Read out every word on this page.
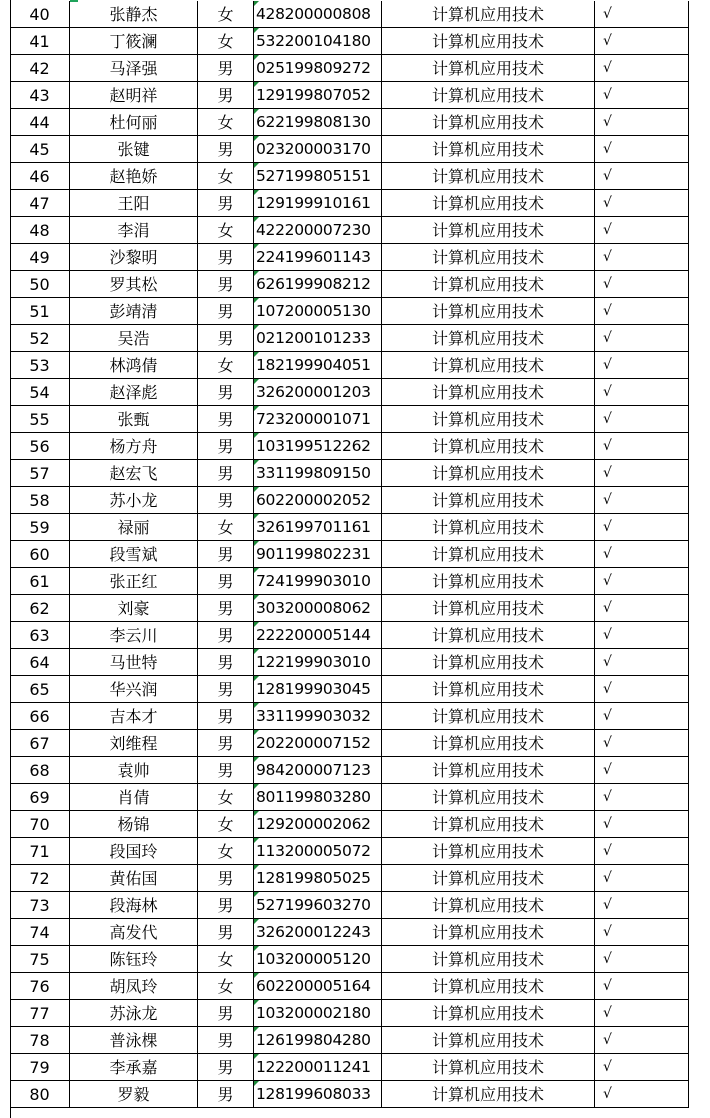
40	张静杰	女	428200000808	计算机应用技术	√
41	丁筱澜	女	532200104180	计算机应用技术	√
42	马泽强	男	025199809272	计算机应用技术	√
43	赵明祥	男	129199807052	计算机应用技术	√
44	杜何丽	女	622199808130	计算机应用技术	√
45	张键	男	023200003170	计算机应用技术	√
46	赵艳娇	女	527199805151	计算机应用技术	√
47	王阳	男	129199910161	计算机应用技术	√
48	李涓	女	422200007230	计算机应用技术	√
49	沙黎明	男	224199601143	计算机应用技术	√
50	罗其松	男	626199908212	计算机应用技术	√
51	彭靖清	男	107200005130	计算机应用技术	√
52	吴浩	男	021200101233	计算机应用技术	√
53	林鸿倩	女	182199904051	计算机应用技术	√
54	赵泽彪	男	326200001203	计算机应用技术	√
55	张甄	男	723200001071	计算机应用技术	√
56	杨方舟	男	103199512262	计算机应用技术	√
57	赵宏飞	男	331199809150	计算机应用技术	√
58	苏小龙	男	602200002052	计算机应用技术	√
59	禄丽	女	326199701161	计算机应用技术	√
60	段雪斌	男	901199802231	计算机应用技术	√
61	张正红	男	724199903010	计算机应用技术	√
62	刘豪	男	303200008062	计算机应用技术	√
63	李云川	男	222200005144	计算机应用技术	√
64	马世特	男	122199903010	计算机应用技术	√
65	华兴润	男	128199903045	计算机应用技术	√
66	吉本才	男	331199903032	计算机应用技术	√
67	刘维程	男	202200007152	计算机应用技术	√
68	袁帅	男	984200007123	计算机应用技术	√
69	肖倩	女	801199803280	计算机应用技术	√
70	杨锦	女	129200002062	计算机应用技术	√
71	段国玲	女	113200005072	计算机应用技术	√
72	黄佑国	男	128199805025	计算机应用技术	√
73	段海林	男	527199603270	计算机应用技术	√
74	高发代	男	326200012243	计算机应用技术	√
75	陈钰玲	女	103200005120	计算机应用技术	√
76	胡凤玲	女	602200005164	计算机应用技术	√
77	苏泳龙	男	103200002180	计算机应用技术	√
78	普泳棵	男	126199804280	计算机应用技术	√
79	李承嘉	男	122200011241	计算机应用技术	√
80	罗毅	男	128199608033	计算机应用技术	√
